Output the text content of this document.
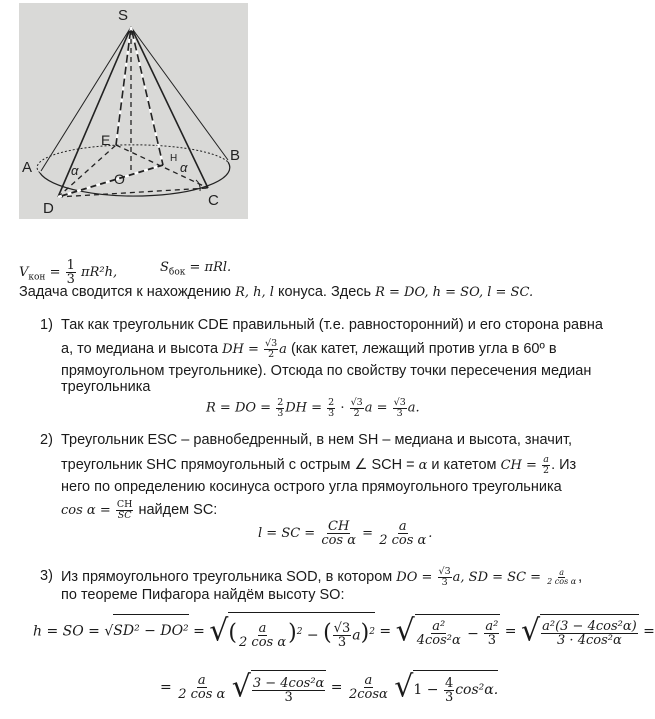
S
E
H
A
B
O
D	C
α	α
$V_{кон} = \frac{1}{3} \pi R^2h$,	$S_{бок} = \pi Rl$.
Задача сводится к нахождению R, h, l конуса. Здесь R = DO, h = SO, l = SC.
1) Так как треугольник CDE правильный (т.е. равносторонний) и его сторона равна
а, то медиана и высота DH = $\frac{√3}{2}$ a (как катет, лежащий против угла в 60º в
прямоугольном треугольнике). Отсюда по свойству точки пересечения медиан
треугольника
R = DO = $\frac{2}{3}$ DH = $\frac{2}{3} \cdot \frac{√3}{2}$ $a = \frac{√3}{3} a$.
2) Треугольник ESC – равнобедренный, в нем SH – медиана и высота, значит,
треугольник SHC прямоугольный с острым ∠ SCH = α и катетом CH = $\frac{a}{2}$ . Из
него по определению косинуса острого угла прямоугольного треугольника
$\cos \alpha = \frac{CH}{SC}$ найдем SC:
l = SC = $\frac{CH}{\text{cos α}} = \frac{a}{\text{2 cos α}}$ .
3) Из прямоугольного треугольника SOD, в котором DO = $\frac{√3}{3} a$, SD = SC = $\frac{a}{\text{2 cos α}}$ ,
по теореме Пифагора найдём высоту SO:
h = SO = √SD² − DO² = √( $\frac{a}{\text{2 cos α}} )^2$ − ( $\frac{√3}{3} a)^2$ = √ $\frac{\text{a²}}{\text{4cos²α}} - \frac{\text{a²}}{3}$ = √ $\frac{\text{a²(3 − 4cos²α)}}{\text{3 · 4cos²α}}$ =
= $\frac{a}{\text{2 cos α}}$ √ $\frac{\text{3 − 4cos²α}}{3} = \frac{a}{2\cos\alpha} √1 - \frac{4}{3} \cos^2\alpha$.
